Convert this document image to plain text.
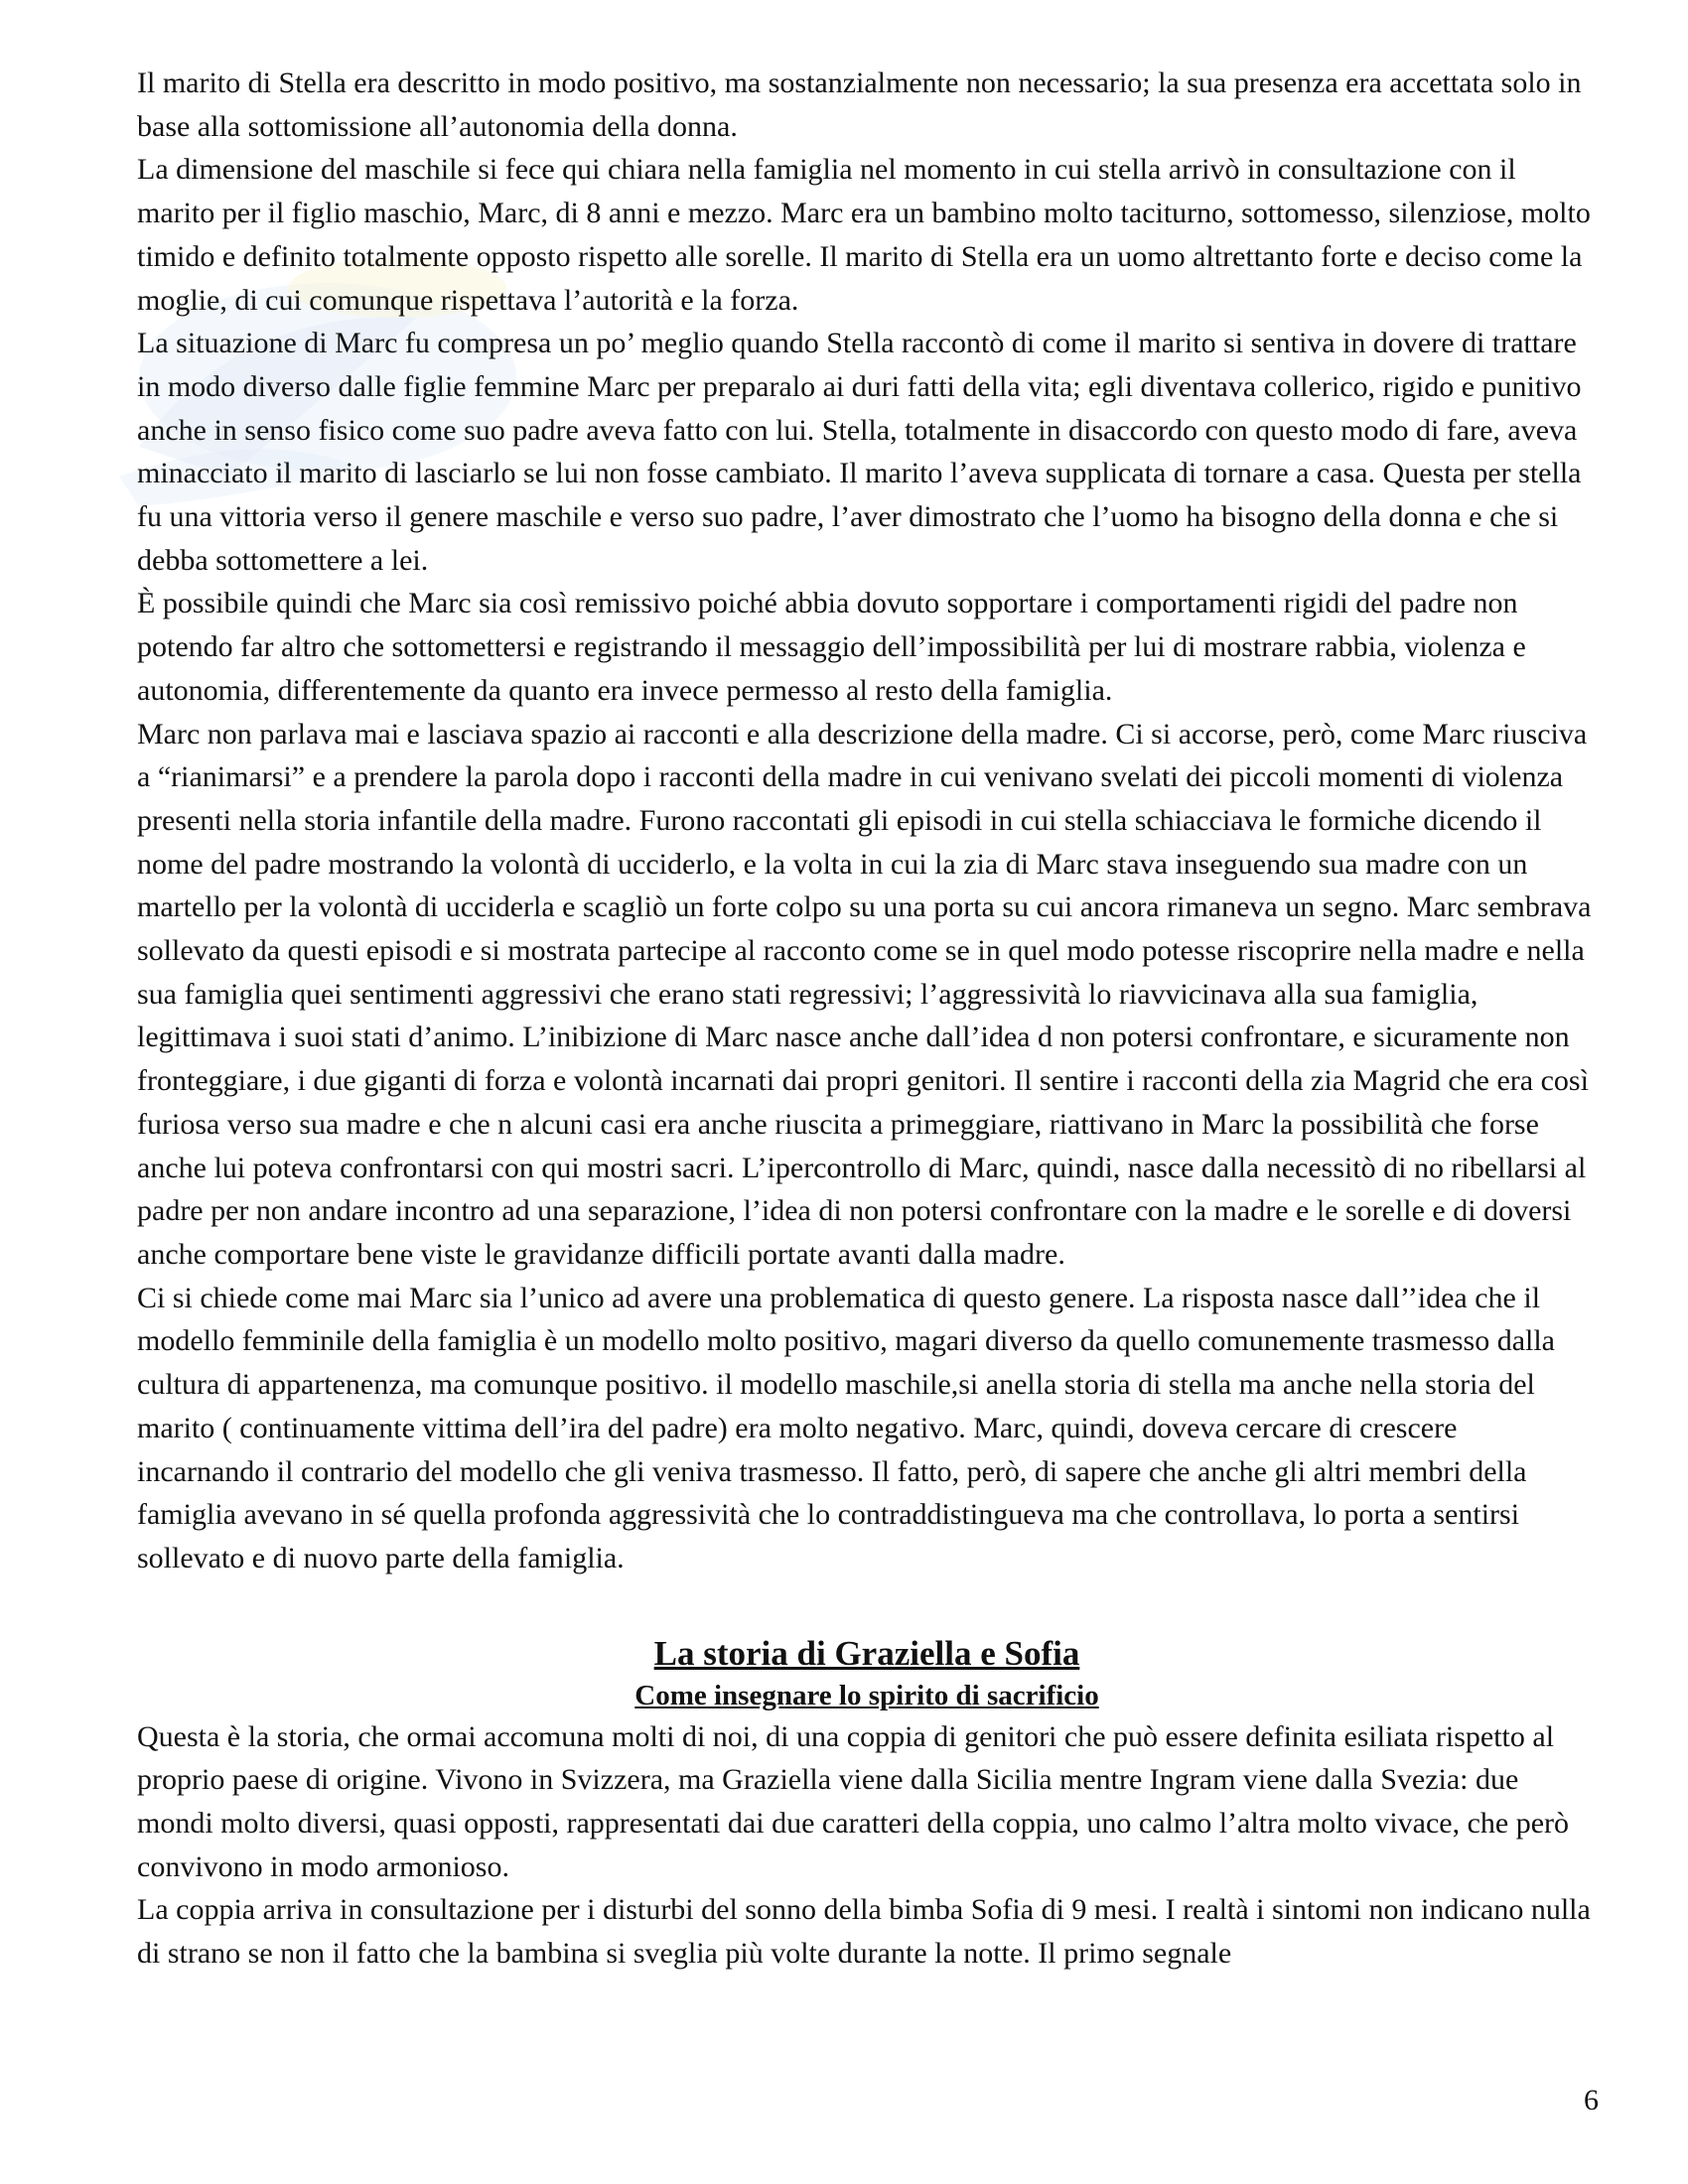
Il marito di Stella era descritto in modo positivo, ma sostanzialmente non necessario; la sua presenza era accettata solo in base alla sottomissione all’autonomia della donna.

La dimensione del maschile si fece qui chiara nella famiglia nel momento in cui stella arrivò in consultazione con il marito per il figlio maschio, Marc, di 8 anni e mezzo. Marc era un bambino molto taciturno, sottomesso, silenziose, molto timido e definito totalmente opposto rispetto alle sorelle. Il marito di Stella era un uomo altrettanto forte e deciso come la moglie, di cui comunque rispettava l’autorità e la forza.

La situazione di Marc fu compresa un po’ meglio quando Stella raccontò di come il marito si sentiva in dovere di trattare in modo diverso dalle figlie femmine Marc per preparalo ai duri fatti della vita; egli diventava collerico, rigido e punitivo anche in senso fisico come suo padre aveva fatto con lui. Stella, totalmente in disaccordo con questo modo di fare, aveva minacciato il marito di lasciarlo se lui non fosse cambiato. Il marito l’aveva supplicata di tornare a casa. Questa per stella fu una vittoria verso il genere maschile e verso suo padre, l’aver dimostrato che l’uomo ha bisogno della donna e che si debba sottomettere a lei.

È possibile quindi che Marc sia così remissivo poiché abbia dovuto sopportare i comportamenti rigidi del padre non potendo far altro che sottomettersi e registrando il messaggio dell’impossibilità per lui di mostrare rabbia, violenza e autonomia, differentemente da quanto era invece permesso al resto della famiglia.

Marc non parlava mai e lasciava spazio ai racconti e alla descrizione della madre. Ci si accorse, però, come Marc riusciva a “rianimarsi” e a prendere la parola dopo i racconti della madre in cui venivano svelati dei piccoli momenti di violenza presenti nella storia infantile della madre. Furono raccontati gli episodi in cui stella schiacciava le formiche dicendo il nome del padre mostrando la volontà di ucciderlo, e la volta in cui la zia di Marc stava inseguendo sua madre con un martello per la volontà di ucciderla e scagliò un forte colpo su una porta su cui ancora rimaneva un segno. Marc sembrava sollevato da questi episodi e si mostrata partecipe al racconto come se in quel modo potesse riscoprire nella madre e nella sua famiglia quei sentimenti aggressivi che erano stati regressivi; l’aggressività lo riavvicinava alla sua famiglia, legittimava i suoi stati d’animo. L’inibizione di Marc nasce anche dall’idea d non potersi confrontare, e sicuramente non fronteggiare, i due giganti di forza e volontà incarnati dai propri genitori. Il sentire i racconti della zia Magrid che era così furiosa verso sua madre e che n alcuni casi era anche riuscita a primeggiare, riattivano in Marc la possibilità che forse anche lui poteva confrontarsi con qui mostri sacri. L’ipercontrollo di Marc, quindi, nasce dalla necessitò di no ribellarsi al padre per non andare incontro ad una separazione, l’idea di non potersi confrontare con la madre e le sorelle e di doversi anche comportare bene viste le gravidanze difficili portate avanti dalla madre.

Ci si chiede come mai Marc sia l’unico ad avere una problematica di questo genere. La risposta nasce dall’’idea che il modello femminile della famiglia è un modello molto positivo, magari diverso da quello comunemente trasmesso dalla cultura di appartenenza, ma comunque positivo. il modello maschile,si anella storia di stella ma anche nella storia del marito ( continuamente vittima dell’ira del padre) era molto negativo. Marc, quindi, doveva cercare di crescere incarnando il contrario del modello che gli veniva trasmesso. Il fatto, però, di sapere che anche gli altri membri della famiglia avevano in sé quella profonda aggressività che lo contraddistingueva ma che controllava, lo porta a sentirsi sollevato e di nuovo parte della famiglia.

La storia di Graziella e Sofia
Come insegnare lo spirito di sacrificio

Questa è la storia, che ormai accomuna molti di noi, di una coppia di genitori che può essere definita esiliata rispetto al proprio paese di origine. Vivono in Svizzera, ma Graziella viene dalla Sicilia mentre Ingram viene dalla Svezia: due mondi molto diversi, quasi opposti, rappresentati dai due caratteri della coppia, uno calmo l’altra molto vivace, che però convivono in modo armonioso.

La coppia arriva in consultazione per i disturbi del sonno della bimba Sofia di 9 mesi. I realtà i sintomi non indicano nulla di strano se non il fatto che la bambina si sveglia più volte durante la notte. Il primo segnale

6
